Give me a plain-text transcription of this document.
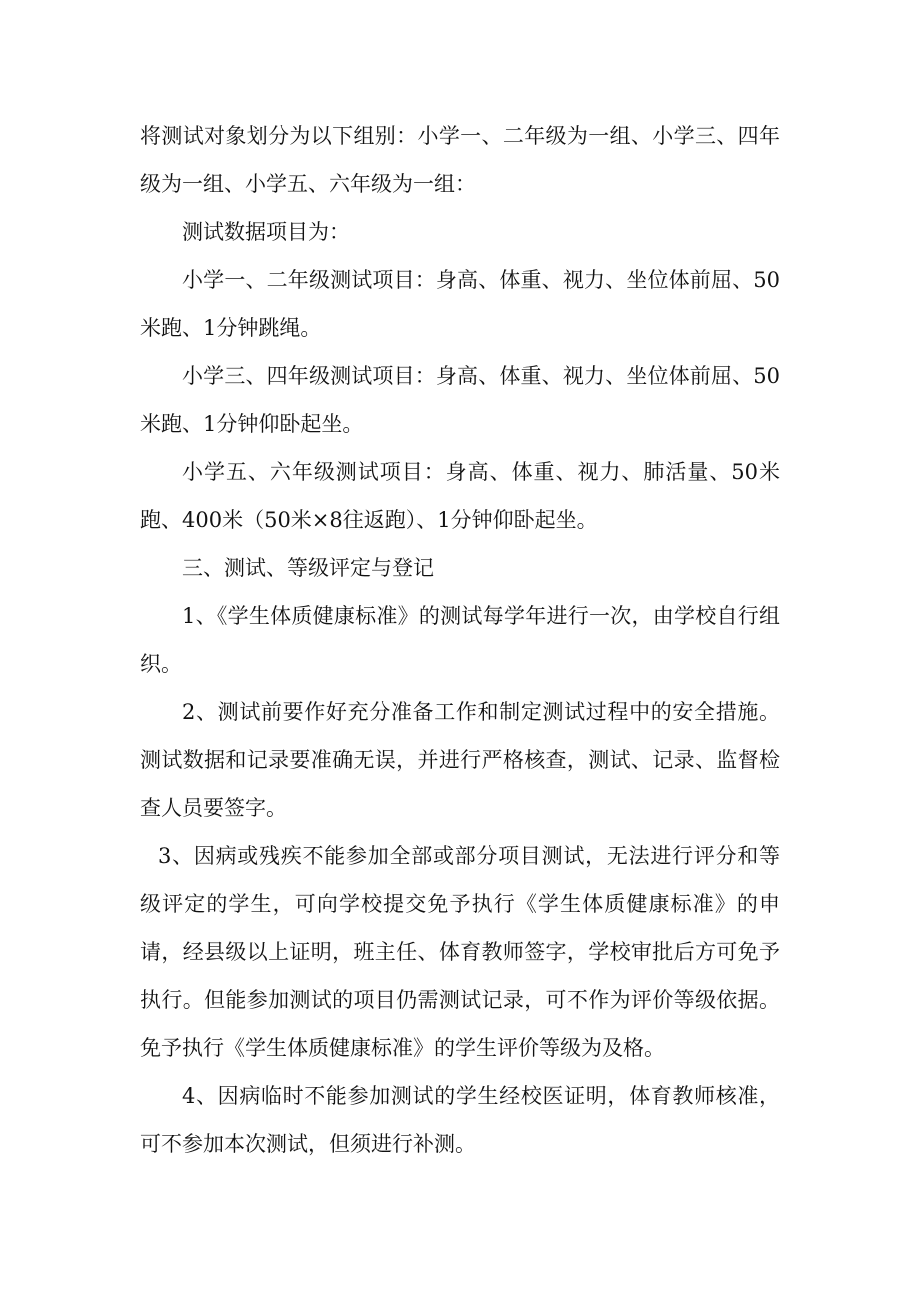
将测试对象划分为以下组别：小学一、二年级为一组、小学三、四年级为一组、小学五、六年级为一组：

测试数据项目为：

小学一、二年级测试项目：身高、体重、视力、坐位体前屈、50米跑、1分钟跳绳。

小学三、四年级测试项目：身高、体重、视力、坐位体前屈、50米跑、1分钟仰卧起坐。

小学五、六年级测试项目：身高、体重、视力、肺活量、50米跑、400米（50米×8往返跑）、1分钟仰卧起坐。

三、测试、等级评定与登记

1、《学生体质健康标准》的测试每学年进行一次，由学校自行组织。

2、测试前要作好充分准备工作和制定测试过程中的安全措施。测试数据和记录要准确无误，并进行严格核查，测试、记录、监督检查人员要签字。

3、因病或残疾不能参加全部或部分项目测试，无法进行评分和等级评定的学生，可向学校提交免予执行《学生体质健康标准》的申请，经县级以上证明，班主任、体育教师签字，学校审批后方可免予执行。但能参加测试的项目仍需测试记录，可不作为评价等级依据。免予执行《学生体质健康标准》的学生评价等级为及格。

4、因病临时不能参加测试的学生经校医证明，体育教师核准，可不参加本次测试，但须进行补测。
